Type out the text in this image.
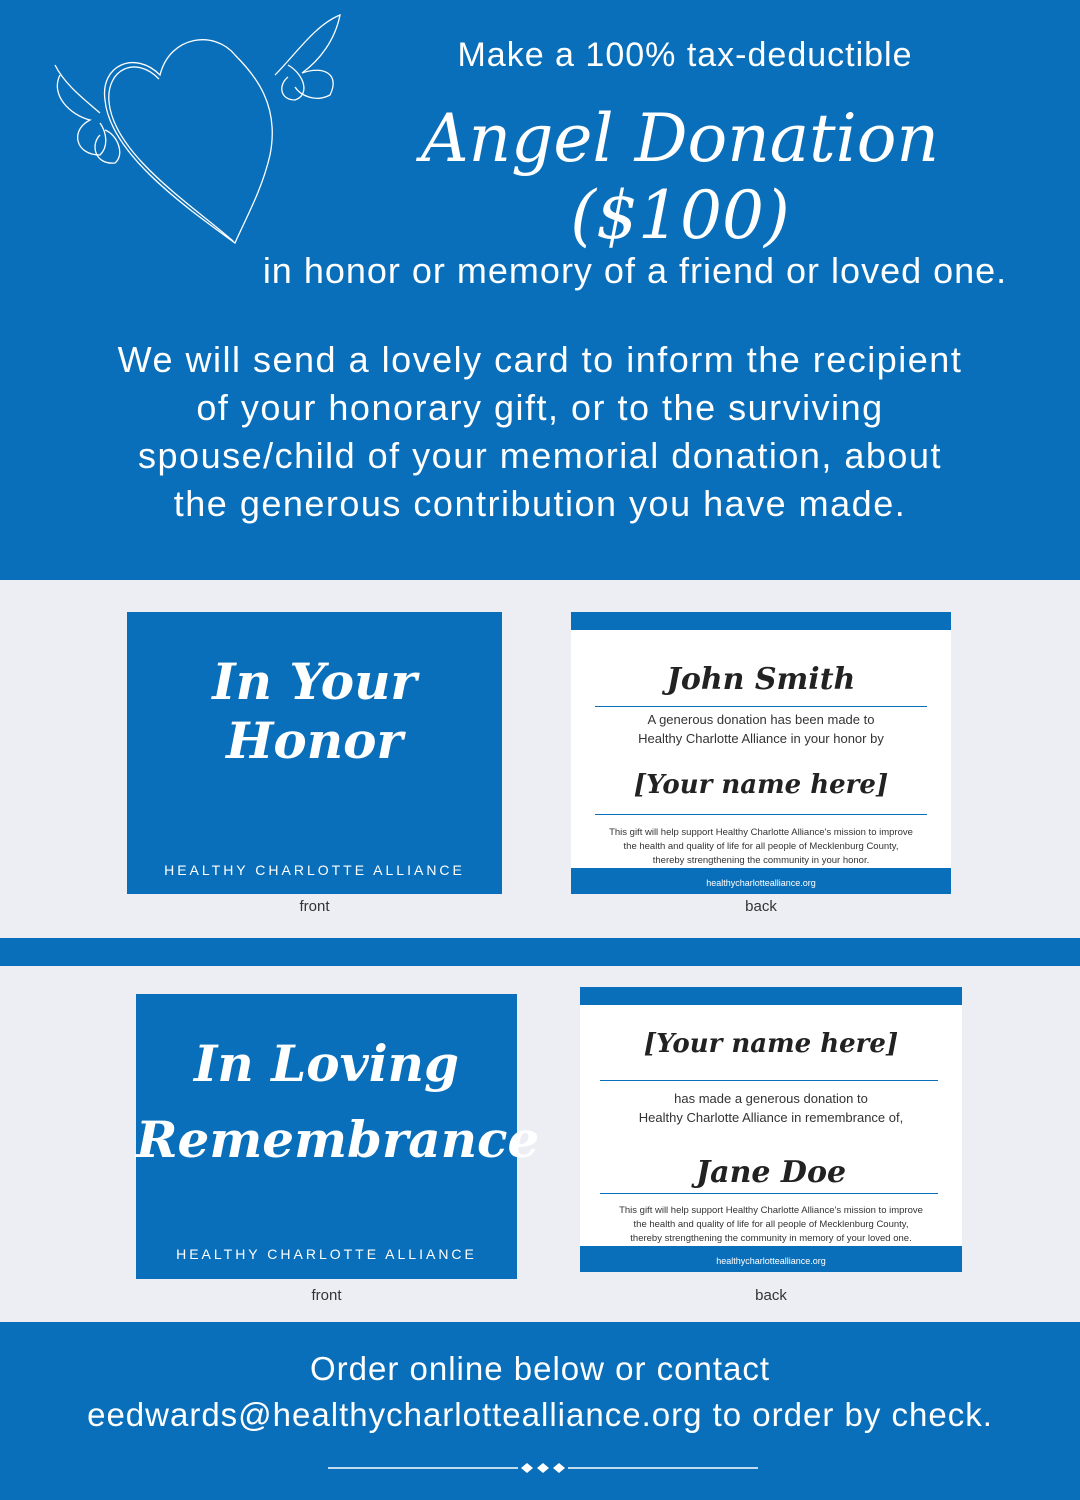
Make a 100% tax-deductible
Angel Donation ($100)
in honor or memory of a friend or loved one.
We will send a lovely card to inform the recipient
of your honorary gift, or to the surviving
spouse/child of your memorial donation, about
the generous contribution you have made.
In Your Honor
HEALTHY CHARLOTTE ALLIANCE
front
John Smith
A generous donation has been made to
Healthy Charlotte Alliance in your honor by
[Your name here]
This gift will help support Healthy Charlotte Alliance's mission to improve
the health and quality of life for all people of Mecklenburg County,
thereby strengthening the community in your honor.
healthycharlottealliance.org
back
In Loving
Remembrance
HEALTHY CHARLOTTE ALLIANCE
front
[Your name here]
has made a generous donation to
Healthy Charlotte Alliance in remembrance of,
Jane Doe
This gift will help support Healthy Charlotte Alliance's mission to improve
the health and quality of life for all people of Mecklenburg County,
thereby strengthening the community in memory of your loved one.
healthycharlottealliance.org
back
Order online below or contact
eedwards@healthycharlottealliance.org to order by check.
